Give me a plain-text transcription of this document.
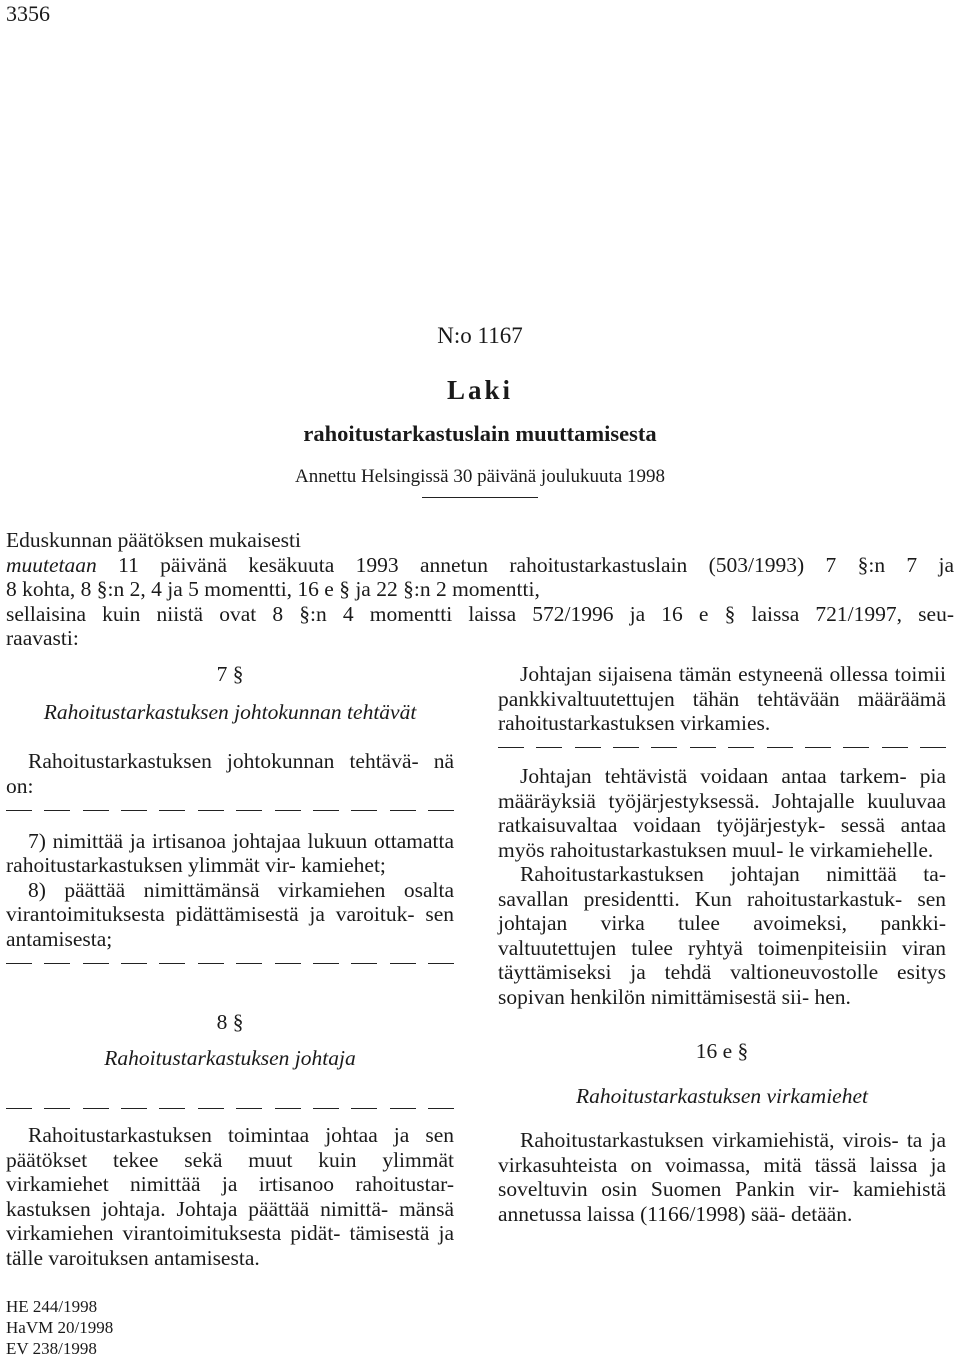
3356
N:o 1167
Laki
rahoitustarkastuslain muuttamisesta
Annettu Helsingissä 30 päivänä joulukuuta 1998

Eduskunnan päätöksen mukaisesti

muutetaan 11 päivänä kesäkuuta 1993 annetun rahoitustarkastuslain (503/1993) 7 §:n 7 ja

8 kohta, 8 §:n 2, 4 ja 5 momentti, 16 e § ja 22 §:n 2 momentti,

sellaisina kuin niistä ovat 8 §:n 4 momentti laissa 572/1996 ja 16 e § laissa 721/1997, seu-

raavasti:

7 §
Rahoitustarkastuksen johtokunnan tehtävät

Rahoitustarkastuksen johtokunnan tehtävä- nä on:

7) nimittää ja irtisanoa johtajaa lukuun ottamatta rahoitustarkastuksen ylimmät vir- kamiehet;

8) päättää nimittämänsä virkamiehen osalta virantoimituksesta pidättämisestä ja varoituk- sen antamisesta;

8 §
Rahoitustarkastuksen johtaja

Rahoitustarkastuksen toimintaa johtaa ja sen päätökset tekee sekä muut kuin ylimmät virkamiehet nimittää ja irtisanoo rahoitustar- kastuksen johtaja. Johtaja päättää nimittä- mänsä virkamiehen virantoimituksesta pidät- tämisestä ja tälle varoituksen antamisesta.

Johtajan sijaisena tämän estyneenä ollessa toimii pankkivaltuutettujen tähän tehtävään määräämä rahoitustarkastuksen virkamies.

Johtajan tehtävistä voidaan antaa tarkem- pia määräyksiä työjärjestyksessä. Johtajalle kuuluvaa ratkaisuvaltaa voidaan työjärjestyk- sessä antaa myös rahoitustarkastuksen muul- le virkamiehelle.

Rahoitustarkastuksen johtajan nimittää ta- savallan presidentti. Kun rahoitustarkastuk- sen johtajan virka tulee avoimeksi, pankki- valtuutettujen tulee ryhtyä toimenpiteisiin viran täyttämiseksi ja tehdä valtioneuvostolle esitys sopivan henkilön nimittämisestä sii- hen.

16 e §
Rahoitustarkastuksen virkamiehet

Rahoitustarkastuksen virkamiehistä, virois- ta ja virkasuhteista on voimassa, mitä tässä laissa ja soveltuvin osin Suomen Pankin vir- kamiehistä annetussa laissa (1166/1998) sää- detään.

HE 244/1998
HaVM 20/1998
EV 238/1998
